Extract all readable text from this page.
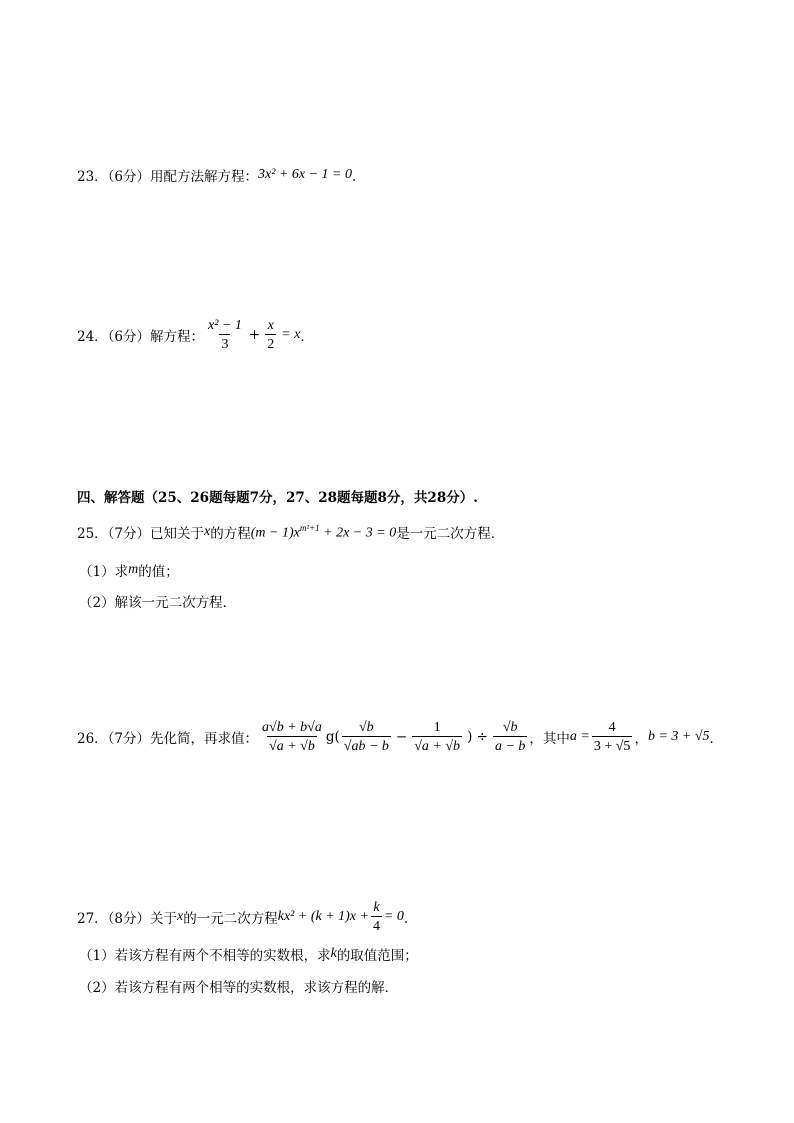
23．（6分）用配方法解方程： 3x² + 6x − 1 = 0 ．
24．（6分）解方程： $\frac{\text{x² − 1}}{3} + \frac{x}{2} = x$ ．
四、解答题（25、26题每题7分，27、28题每题8分，共28分）.
25．（7分）已知关于 x 的方程 $(m - 1)x^{m^2+1} + 2x - 3 = 0$ 是一元二次方程．
（1）求 m 的值；
（2）解该一元二次方程．
26．（7分）先化简，再求值： $\frac{a√b + b√a}{√a + √b} g( \frac{√b}{√ab - b} - \frac{1}{√a + √b}$ ) ÷ $\frac{√b}{a - b}$ ，其中 $a = \frac{4}{3 + √5}$ ， b = 3 + √5 ．
27．（8分）关于 x 的一元二次方程 $kx^2 + (k + 1)x + \frac{k}{4} = 0$ ．
（1）若该方程有两个不相等的实数根，求 k 的取值范围；
（2）若该方程有两个相等的实数根，求该方程的解．
